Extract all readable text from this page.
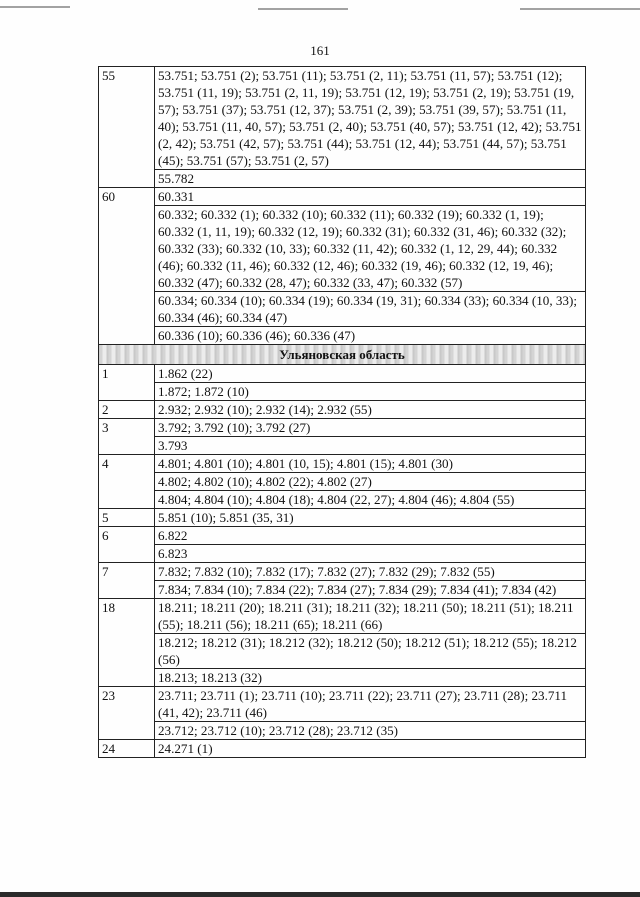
161
55	53.751; 53.751 (2); 53.751 (11); 53.751 (2, 11); 53.751 (11, 57); 53.751 (12); 53.751 (11, 19); 53.751 (2, 11, 19); 53.751 (12, 19); 53.751 (2, 19); 53.751 (19, 57); 53.751 (37); 53.751 (12, 37); 53.751 (2, 39); 53.751 (39, 57); 53.751 (11, 40); 53.751 (11, 40, 57); 53.751 (2, 40); 53.751 (40, 57); 53.751 (12, 42); 53.751 (2, 42); 53.751 (42, 57); 53.751 (44); 53.751 (12, 44); 53.751 (44, 57); 53.751 (45); 53.751 (57); 53.751 (2, 57)
	55.782
60	60.331
	60.332; 60.332 (1); 60.332 (10); 60.332 (11); 60.332 (19); 60.332 (1, 19); 60.332 (1, 11, 19); 60.332 (12, 19); 60.332 (31); 60.332 (31, 46); 60.332 (32); 60.332 (33); 60.332 (10, 33); 60.332 (11, 42); 60.332 (1, 12, 29, 44); 60.332 (46); 60.332 (11, 46); 60.332 (12, 46); 60.332 (19, 46); 60.332 (12, 19, 46); 60.332 (47); 60.332 (28, 47); 60.332 (33, 47); 60.332 (57)
	60.334; 60.334 (10); 60.334 (19); 60.334 (19, 31); 60.334 (33); 60.334 (10, 33); 60.334 (46); 60.334 (47)
	60.336 (10); 60.336 (46); 60.336 (47)
Ульяновская область	
1	1.862 (22)
	1.872; 1.872 (10)
2	2.932; 2.932 (10); 2.932 (14); 2.932 (55)
3	3.792; 3.792 (10); 3.792 (27)
	3.793
4	4.801; 4.801 (10); 4.801 (10, 15); 4.801 (15); 4.801 (30)
	4.802; 4.802 (10); 4.802 (22); 4.802 (27)
	4.804; 4.804 (10); 4.804 (18); 4.804 (22, 27); 4.804 (46); 4.804 (55)
5	5.851 (10); 5.851 (35, 31)
6	6.822
	6.823
7	7.832; 7.832 (10); 7.832 (17); 7.832 (27); 7.832 (29); 7.832 (55)
	7.834; 7.834 (10); 7.834 (22); 7.834 (27); 7.834 (29); 7.834 (41); 7.834 (42)
18	18.211; 18.211 (20); 18.211 (31); 18.211 (32); 18.211 (50); 18.211 (51); 18.211 (55); 18.211 (56); 18.211 (65); 18.211 (66)
	18.212; 18.212 (31); 18.212 (32); 18.212 (50); 18.212 (51); 18.212 (55); 18.212 (56)
	18.213; 18.213 (32)
23	23.711; 23.711 (1); 23.711 (10); 23.711 (22); 23.711 (27); 23.711 (28); 23.711 (41, 42); 23.711 (46)
	23.712; 23.712 (10); 23.712 (28); 23.712 (35)
24	24.271 (1)
